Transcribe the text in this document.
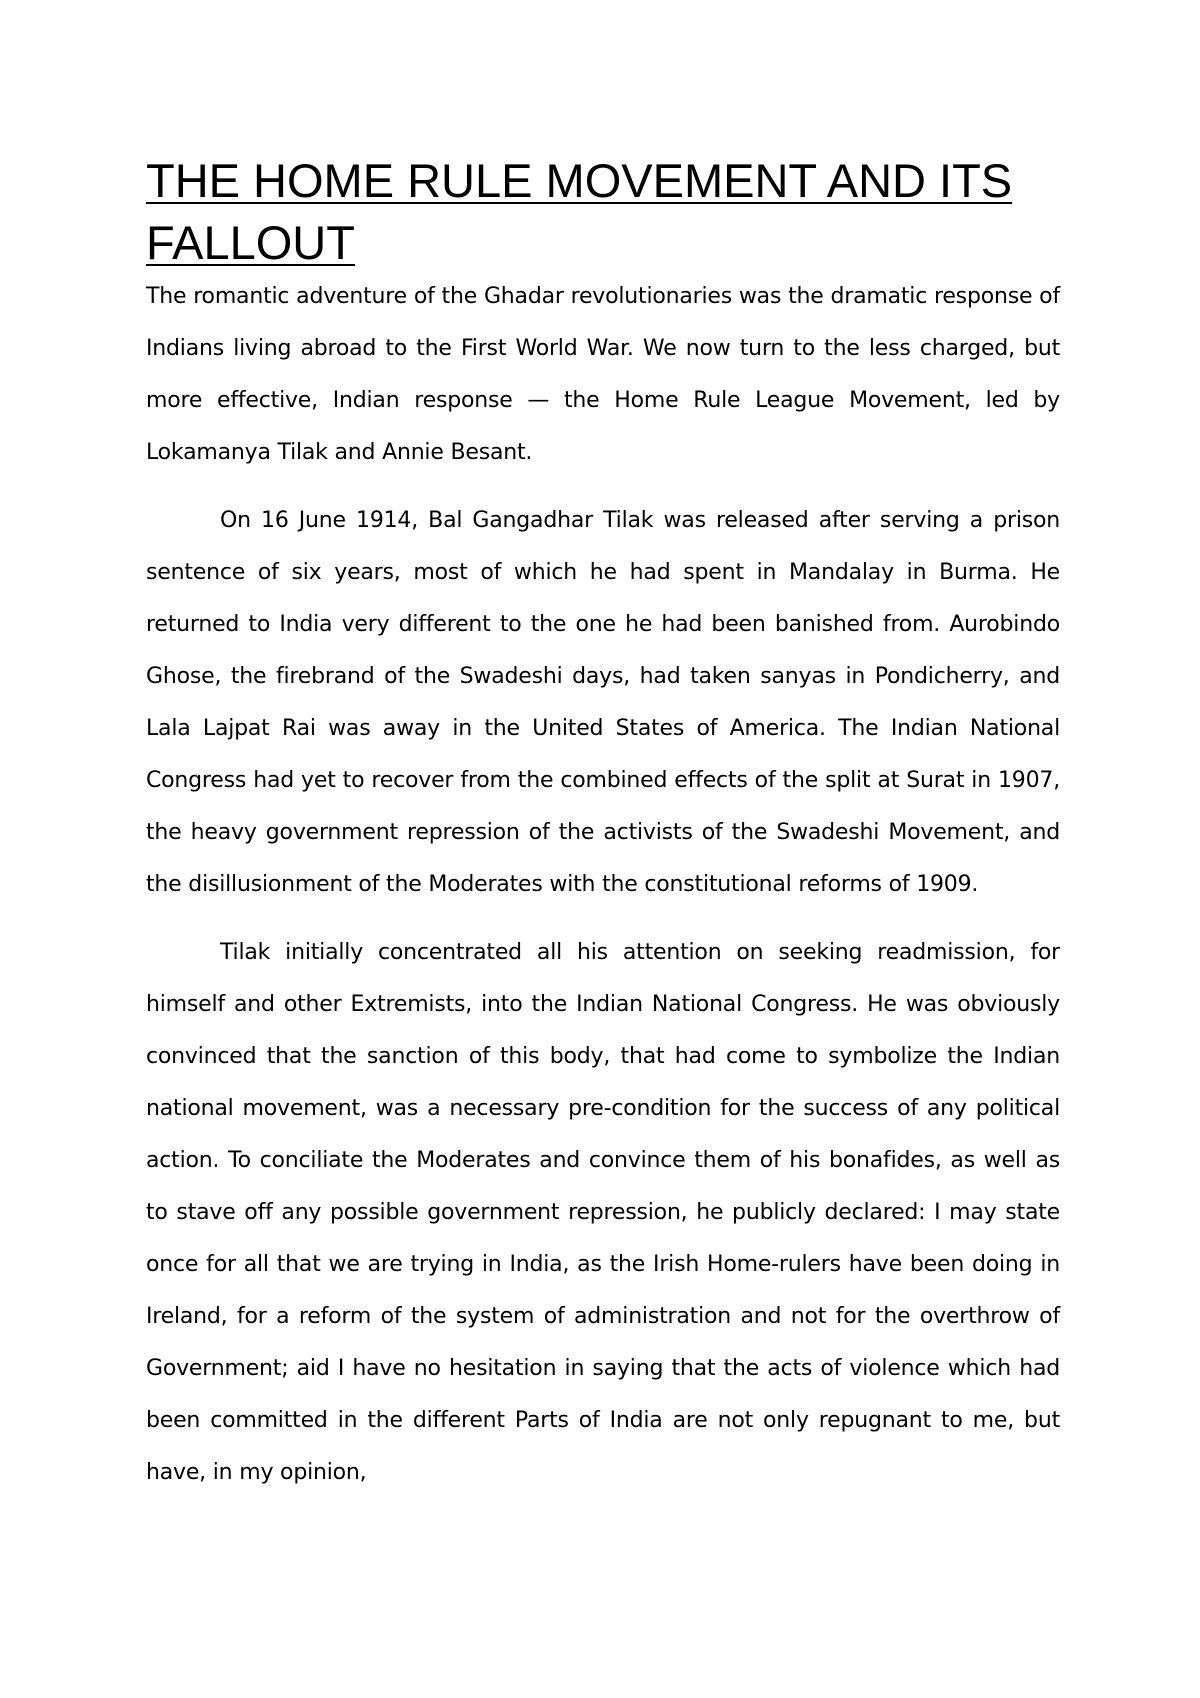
THE HOME RULE MOVEMENT AND ITS FALLOUT

The romantic adventure of the Ghadar revolutionaries was the dramatic response of Indians living abroad to the First World War. We now turn to the less charged, but more effective, Indian response — the Home Rule League Movement, led by Lokamanya Tilak and Annie Besant.

On 16 June 1914, Bal Gangadhar Tilak was released after serving a prison sentence of six years, most of which he had spent in Mandalay in Burma. He returned to India very different to the one he had been banished from. Aurobindo Ghose, the firebrand of the Swadeshi days, had taken sanyas in Pondicherry, and Lala Lajpat Rai was away in the United States of America. The Indian National Congress had yet to recover from the combined effects of the split at Surat in 1907, the heavy government repression of the activists of the Swadeshi Movement, and the disillusionment of the Moderates with the constitutional reforms of 1909.

Tilak initially concentrated all his attention on seeking readmission, for himself and other Extremists, into the Indian National Congress. He was obviously convinced that the sanction of this body, that had come to symbolize the Indian national movement, was a necessary pre-condition for the success of any political action. To conciliate the Moderates and convince them of his bonafides, as well as to stave off any possible government repression, he publicly declared: I may state once for all that we are trying in India, as the Irish Home-rulers have been doing in Ireland, for a reform of the system of administration and not for the overthrow of Government; aid I have no hesitation in saying that the acts of violence which had been committed in the different Parts of India are not only repugnant to me, but have, in my opinion,
